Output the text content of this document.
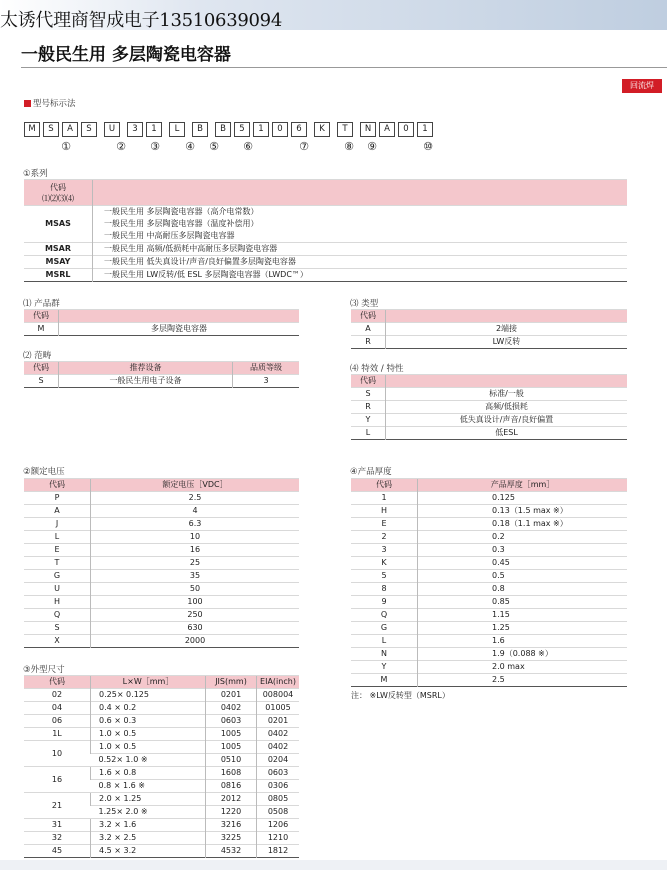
太诱代理商智成电子13510639094
一般民生用 多层陶瓷电容器
回流焊
型号标示法
M	S	A	S	U	3	1	L	B	B	5	1	0	6	K	T	N	A	0	1
①	② ③ ④ ⑤ ⑥	⑦	⑧ ⑨	⑩
①系列
代码
⑴⑵⑶⑷	
MSAS	一般民生用 多层陶瓷电容器（高介电常数）
一般民生用 多层陶瓷电容器（温度补偿用）
一般民生用 中高耐压多层陶瓷电容器

MSAR	一般民生用 高频/低损耗中高耐压多层陶瓷电容器

MSAY	一般民生用 低失真设计/声音/良好偏置多层陶瓷电容器

MSRL	一般民生用 LW反转/低 ESL 多层陶瓷电容器（LWDC™）
⑴ 产品群
代码	
M	多层陶瓷电容器
⑵ 范畴
代码	推荐设备	品质等级
S	一般民生用电子设备	3
⑶ 类型
代码	
A	2端接
R	LW反转
⑷ 特效 / 特性
代码	
S	标准/一般
R	高频/低损耗
Y	低失真设计/声音/良好偏置
L	低ESL
②额定电压
代码	额定电压［VDC］
P	2.5
A	4
J	6.3
L	10
E	16
T	25
G	35
U	50
H	100
Q	250
S	630
X	2000
④产品厚度
代码	产品厚度［mm］
1	0.125
H	0.13（1.5 max ※）
E	0.18（1.1 max ※）
2	0.2
3	0.3
K	0.45
5	0.5
8	0.8
9	0.85
Q	1.15
G	1.25
L	1.6
N	1.9（0.088 ※）
Y	2.0 max
M	2.5
注： ※LW反转型（MSRL）
③外型尺寸
代码	L×W［mm］	JIS(mm)	EIA(inch)
02	0.25× 0.125	0201	008004
04	0.4 × 0.2	0402	01005
06	0.6 × 0.3	0603	0201
1L	1.0 × 0.5	1005	0402
10	1.0 × 0.5	1005	0402
	0.52× 1.0 ※	0510	0204
16	1.6 × 0.8	1608	0603
	0.8 × 1.6 ※	0816	0306
21	2.0 × 1.25	2012	0805
	1.25× 2.0 ※	1220	0508
31	3.2 × 1.6	3216	1206
32	3.2 × 2.5	3225	1210
45	4.5 × 3.2	4532	1812
